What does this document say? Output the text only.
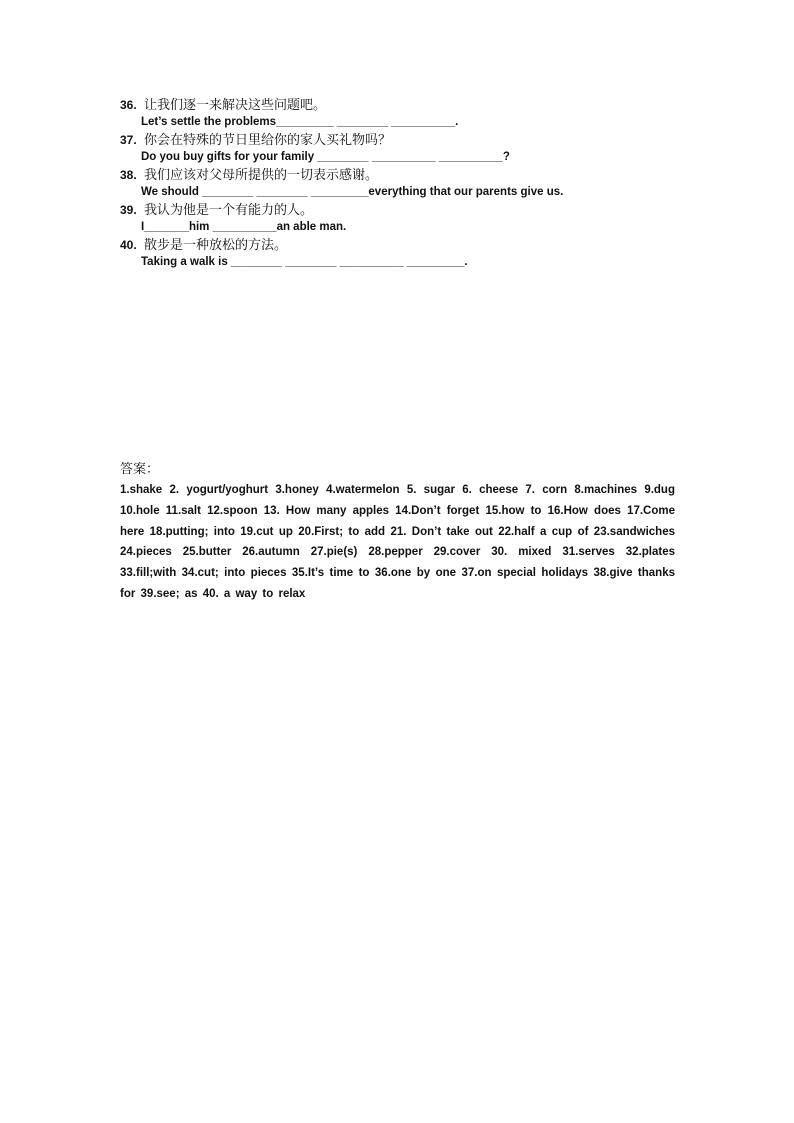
36. 让我们逐一来解决这些问题吧。
Let’s settle the problems_________ ________ __________.
37. 你会在特殊的节日里给你的家人买礼物吗？
Do you buy gifts for your family ________ __________ __________?
38. 我们应该对父母所提供的一切表示感谢。
We should ________ ________ _________everything that our parents give us.
39. 我认为他是一个有能力的人。
I_______him __________an able man.
40. 散步是一种放松的方法。
Taking a walk is ________ ________ __________ _________.
答案：
1.shake 2. yogurt/yoghurt 3.honey 4.watermelon 5. sugar 6. cheese 7. corn 8.machines 9.dug 10.hole 11.salt 12.spoon 13. How many apples 14.Don’t forget 15.how to 16.How does 17.Come here 18.putting; into 19.cut up 20.First; to add 21. Don’t take out 22.half a cup of 23.sandwiches 24.pieces 25.butter 26.autumn 27.pie(s) 28.pepper 29.cover 30. mixed 31.serves 32.plates 33.fill;with 34.cut; into pieces 35.It’s time to 36.one by one 37.on special holidays 38.give thanks for 39.see; as 40. a way to relax
